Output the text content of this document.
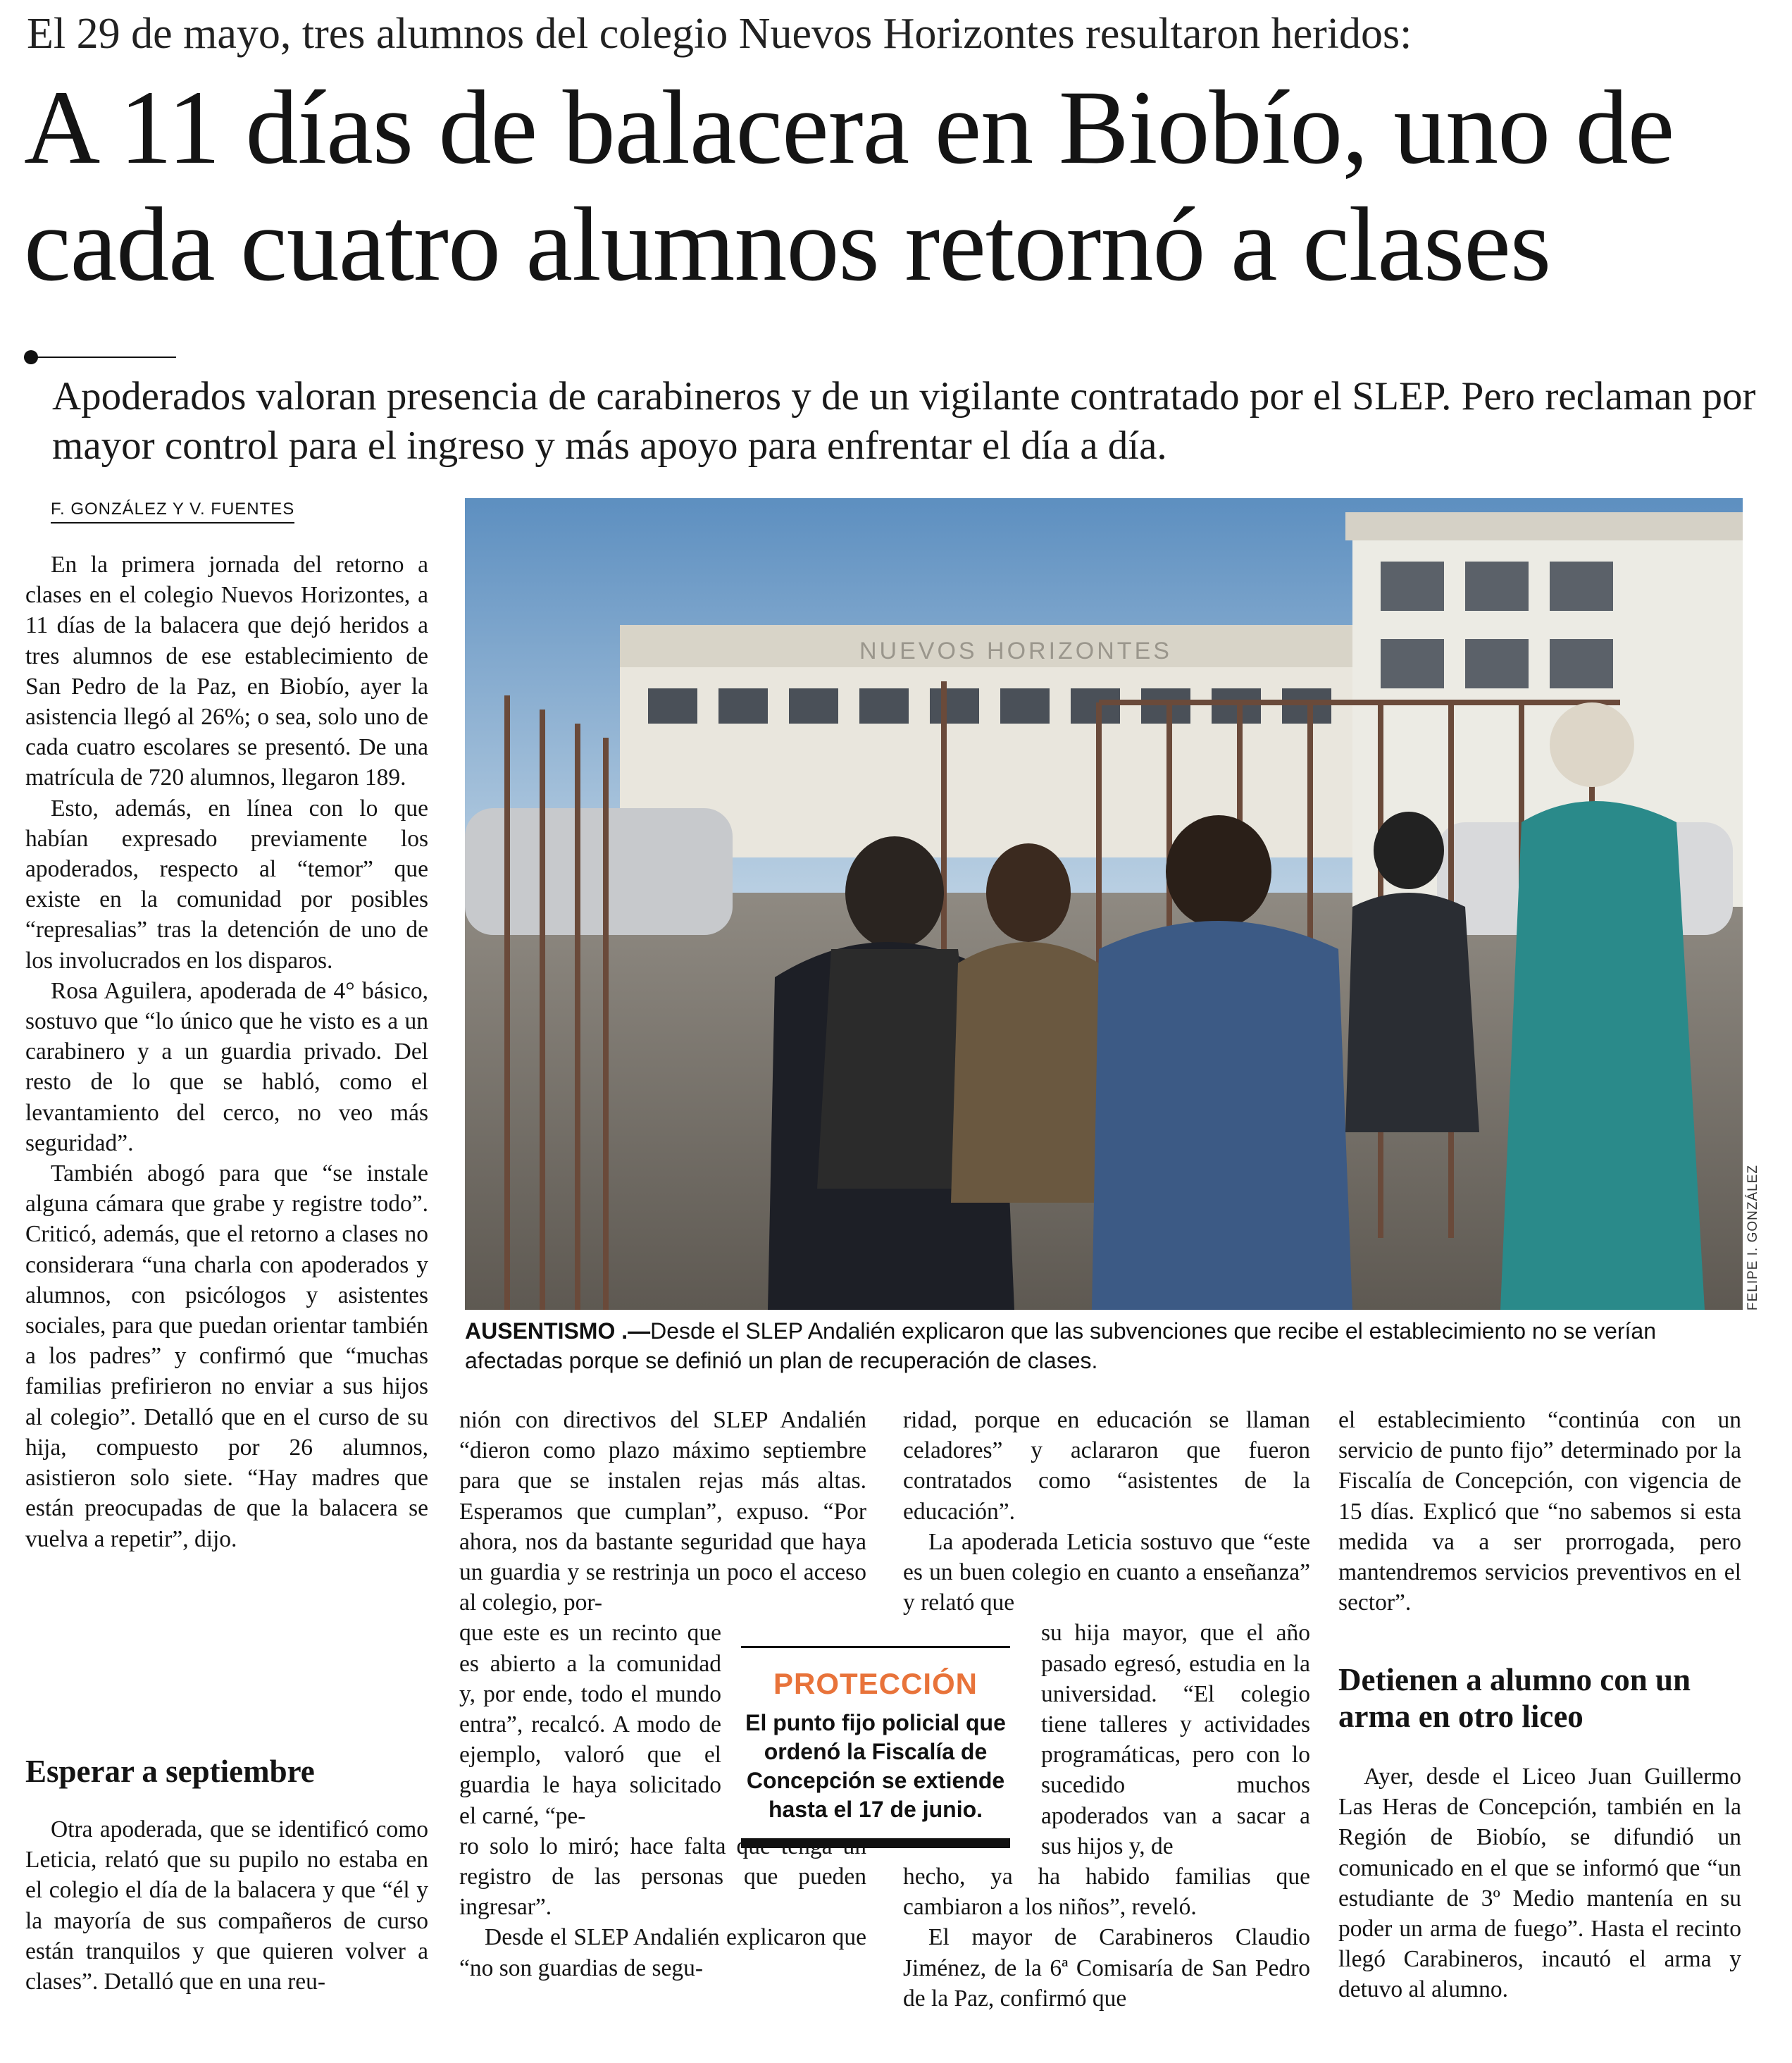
El 29 de mayo, tres alumnos del colegio Nuevos Horizontes resultaron heridos:
A 11 días de balacera en Biobío, uno de cada cuatro alumnos retornó a clases
Apoderados valoran presencia de carabineros y de un vigilante contratado por el SLEP. Pero reclaman por mayor control para el ingreso y más apoyo para enfrentar el día a día.
F. GONZÁLEZ Y V. FUENTES

En la primera jornada del retorno a clases en el colegio Nuevos Horizontes, a 11 días de la balacera que dejó heridos a tres alumnos de ese establecimiento de San Pedro de la Paz, en Biobío, ayer la asistencia llegó al 26%; o sea, solo uno de cada cuatro escolares se presentó. De una matrícula de 720 alumnos, llegaron 189.

Esto, además, en línea con lo que habían expresado previamente los apoderados, respecto al “temor” que existe en la comunidad por posibles “represalias” tras la detención de uno de los involucrados en los disparos.

Rosa Aguilera, apoderada de 4° básico, sostuvo que “lo único que he visto es a un carabinero y a un guardia privado. Del resto de lo que se habló, como el levantamiento del cerco, no veo más seguridad”.

También abogó para que “se instale alguna cámara que grabe y registre todo”. Criticó, además, que el retorno a clases no considerara “una charla con apoderados y alumnos, con psicólogos y asistentes sociales, para que puedan orientar también a los padres” y confirmó que “muchas familias prefirieron no enviar a sus hijos al colegio”. Detalló que en el curso de su hija, compuesto por 26 alumnos, asistieron solo siete. “Hay madres que están preocupadas de que la balacera se vuelva a repetir”, dijo.

Esperar a septiembre

Otra apoderada, que se identificó como Leticia, relató que su pupilo no estaba en el colegio el día de la balacera y que “él y la mayoría de sus compañeros de curso están tranquilos y que quieren volver a clases”. Detalló que en una reu-

NUEVOS HORIZONTES
FELIPE I. GONZÁLEZ
AUSENTISMO .—Desde el SLEP Andalién explicaron que las subvenciones que recibe el establecimiento no se verían afectadas porque se definió un plan de recuperación de clases.

nión con directivos del SLEP Andalién “dieron como plazo máximo septiembre para que se instalen rejas más altas. Esperamos que cumplan”, expuso. “Por ahora, nos da bastante seguridad que haya un guardia y se restrinja un poco el acceso al colegio, por-

que este es un recinto que es abierto a la comunidad y, por ende, todo el mundo entra”, recalcó. A modo de ejemplo, valoró que el guardia le haya solicitado el carné, “pe-

ro solo lo miró; hace falta que tenga un registro de las personas que pueden ingresar”.

Desde el SLEP Andalién explicaron que “no son guardias de segu-

ridad, porque en educación se llaman celadores” y aclararon que fueron contratados como “asistentes de la educación”.

La apoderada Leticia sostuvo que “este es un buen colegio en cuanto a enseñanza” y relató que

su hija mayor, que el año pasado egresó, estudia en la universidad. “El colegio tiene talleres y actividades programáticas, pero con lo sucedido muchos apoderados van a sacar a sus hijos y, de

hecho, ya ha habido familias que cambiaron a los niños”, reveló.

El mayor de Carabineros Claudio Jiménez, de la 6ª Comisaría de San Pedro de la Paz, confirmó que

PROTECCIÓN
El punto fijo policial que ordenó la Fiscalía de Concepción se extiende hasta el 17 de junio.

el establecimiento “continúa con un servicio de punto fijo” determinado por la Fiscalía de Concepción, con vigencia de 15 días. Explicó que “no sabemos si esta medida va a ser prorrogada, pero mantendremos servicios preventivos en el sector”.

Detienen a alumno con un arma en otro liceo

Ayer, desde el Liceo Juan Guillermo Las Heras de Concepción, también en la Región de Biobío, se difundió un comunicado en el que se informó que “un estudiante de 3º Medio mantenía en su poder un arma de fuego”. Hasta el recinto llegó Carabineros, incautó el arma y detuvo al alumno.
